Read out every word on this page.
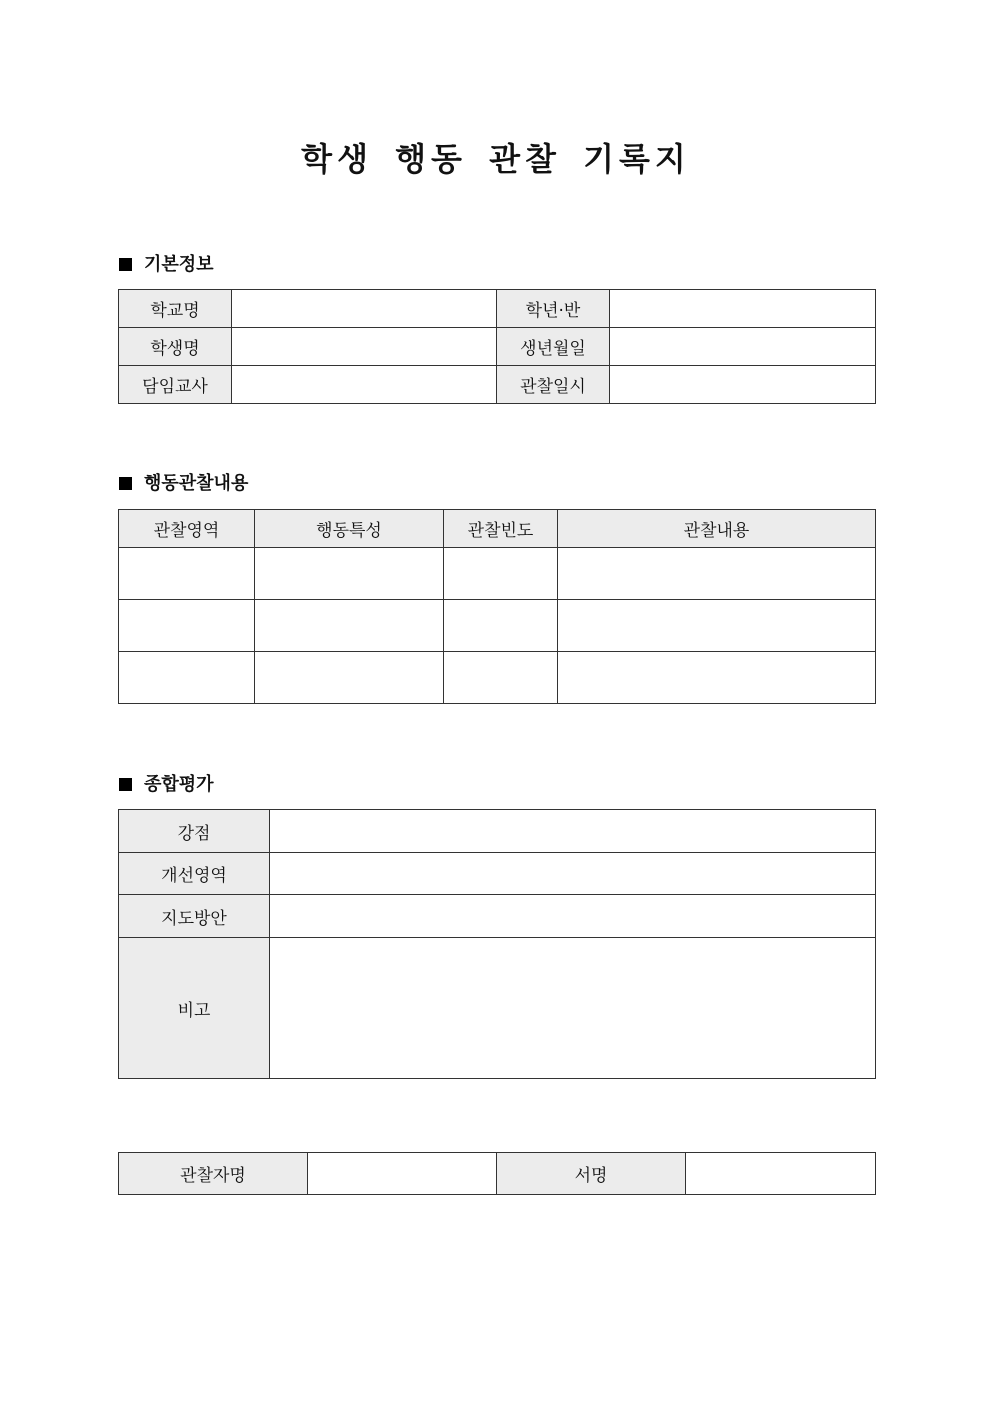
학생 행동 관찰 기록지
기본정보
학교명		학년·반	
학생명		생년월일	
담임교사		관찰일시	
행동관찰내용
관찰영역	행동특성	관찰빈도	관찰내용

종합평가
강점	
개선영역	
지도방안	
비고	
관찰자명		서명	
